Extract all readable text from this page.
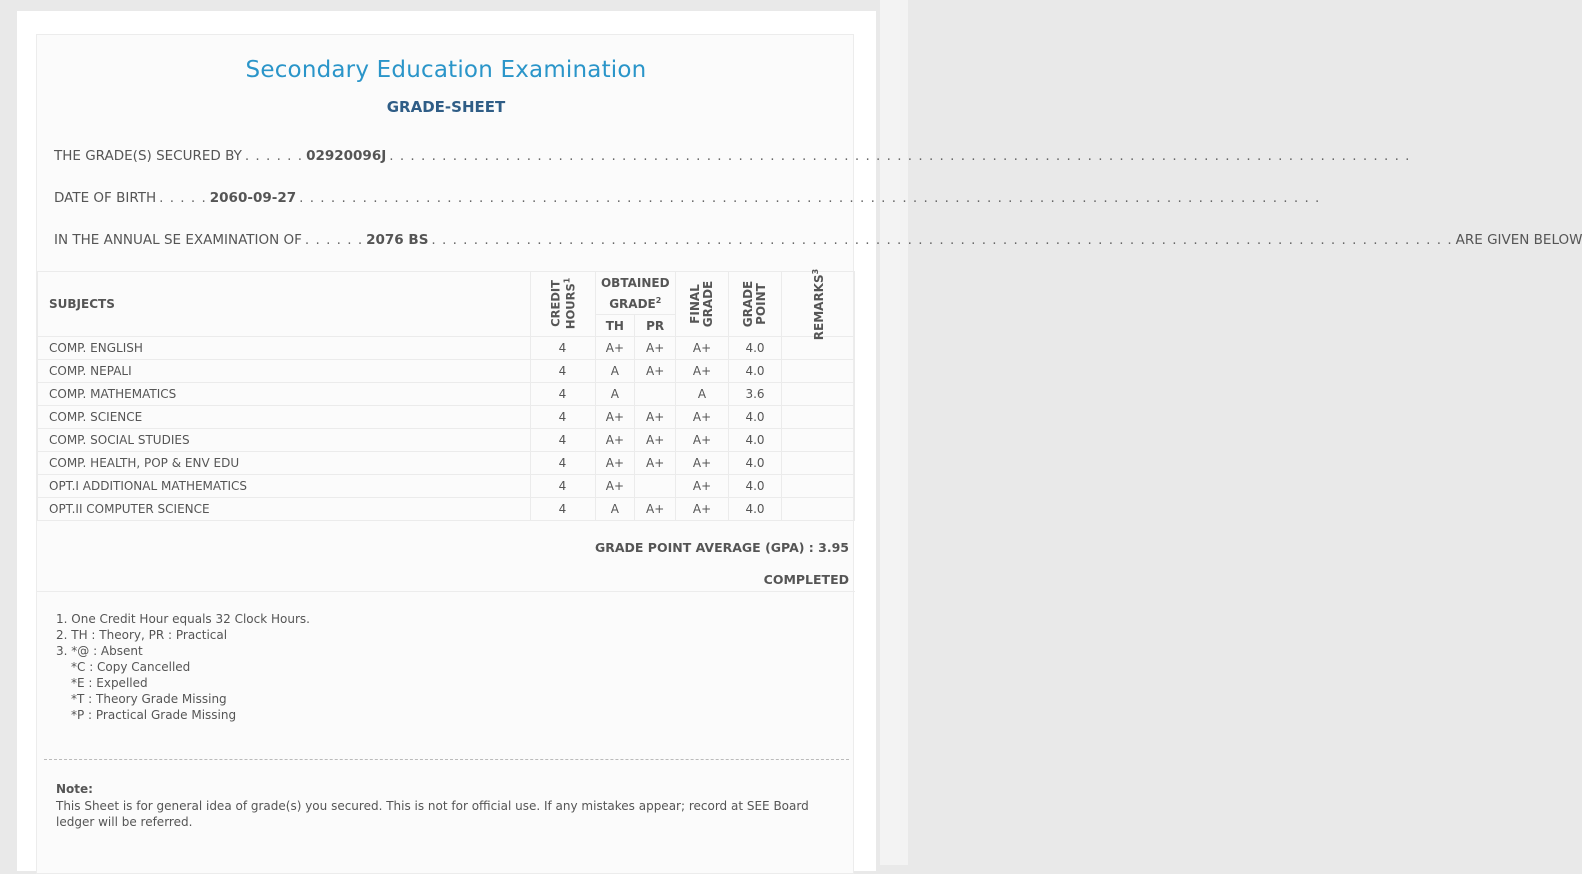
Secondary Education Examination
GRADE-SHEET
THE GRADE(S) SECURED BY . . . . . . 02920096J . . . . . . . . . . . . . . . . . . . . . . . . . . . . . . . . . . . . . . . . . . . . . . . . . . . . . . . . . . . . . . . . . . . . . . . . . . . . . . . . . . . . . . . . . . . . . . . . .
DATE OF BIRTH . . . . . 2060-09-27 . . . . . . . . . . . . . . . . . . . . . . . . . . . . . . . . . . . . . . . . . . . . . . . . . . . . . . . . . . . . . . . . . . . . . . . . . . . . . . . . . . . . . . . . . . . . . . . . .
IN THE ANNUAL SE EXAMINATION OF . . . . . . 2076 BS . . . . . . . . . . . . . . . . . . . . . . . . . . . . . . . . . . . . . . . . . . . . . . . . . . . . . . . . . . . . . . . . . . . . . . . . . . . . . . . . . . . . . . . . . . . . . . . . . ARE GIVEN BELOW
SUBJECTS	CREDIT HOURS$^1$	OBTAINED GRADE$^2$		FINAL GRADE	GRADE POINT	REMARKS$^3$
		TH	PR			
COMP. ENGLISH	4	A+	A+	A+	4.0	
COMP. NEPALI	4	A	A+	A+	4.0	
COMP. MATHEMATICS	4	A		A	3.6	
COMP. SCIENCE	4	A+	A+	A+	4.0	
COMP. SOCIAL STUDIES	4	A+	A+	A+	4.0	
COMP. HEALTH, POP & ENV EDU	4	A+	A+	A+	4.0	
OPT.I ADDITIONAL MATHEMATICS	4	A+		A+	4.0	
OPT.II COMPUTER SCIENCE	4	A	A+	A+	4.0	
GRADE POINT AVERAGE (GPA) : 3.95
COMPLETED
1. One Credit Hour equals 32 Clock Hours.
2. TH : Theory, PR : Practical
3. *@ : Absent
*C : Copy Cancelled
*E : Expelled
*T : Theory Grade Missing
*P : Practical Grade Missing
Note:
This Sheet is for general idea of grade(s) you secured. This is not for official use. If any mistakes appear; record at SEE Board ledger will be referred.
